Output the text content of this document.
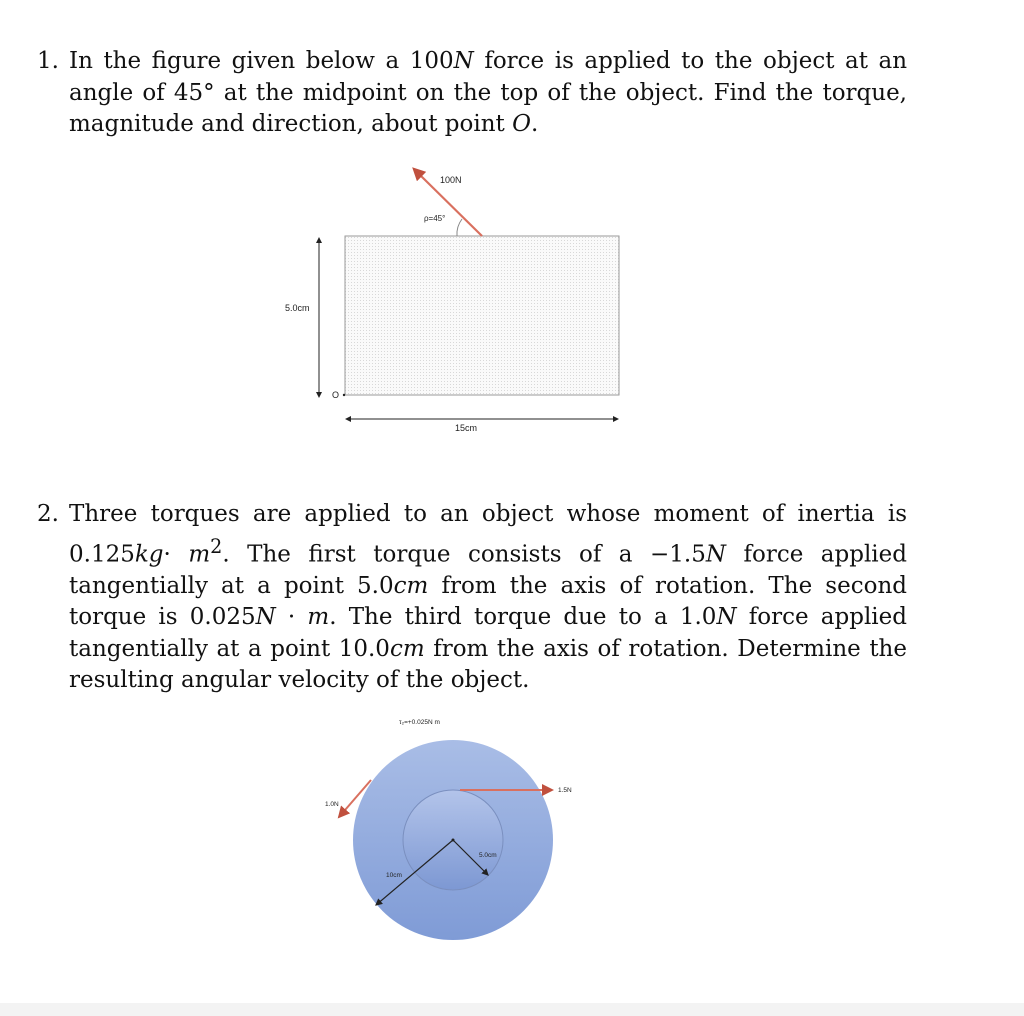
1. In the figure given below a 100N force is applied to the object at an angle of 45° at the midpoint on the top of the object. Find the torque, magnitude and direction, about point O.

100N
ρ=45°
5.0cm
O
15cm
2. Three torques are applied to an object whose moment of inertia is $0.125kg\cdot m^2$. The first torque consists of a −1.5N force applied tangentially at a point 5.0cm from the axis of rotation. The second torque is 0.025N · m. The third torque due to a 1.0N force applied tangentially at a point 10.0cm from the axis of rotation. Determine the resulting angular velocity of the object.

τ₂=+0.025N m
1.5N
1.0N
5.0cm
10cm
